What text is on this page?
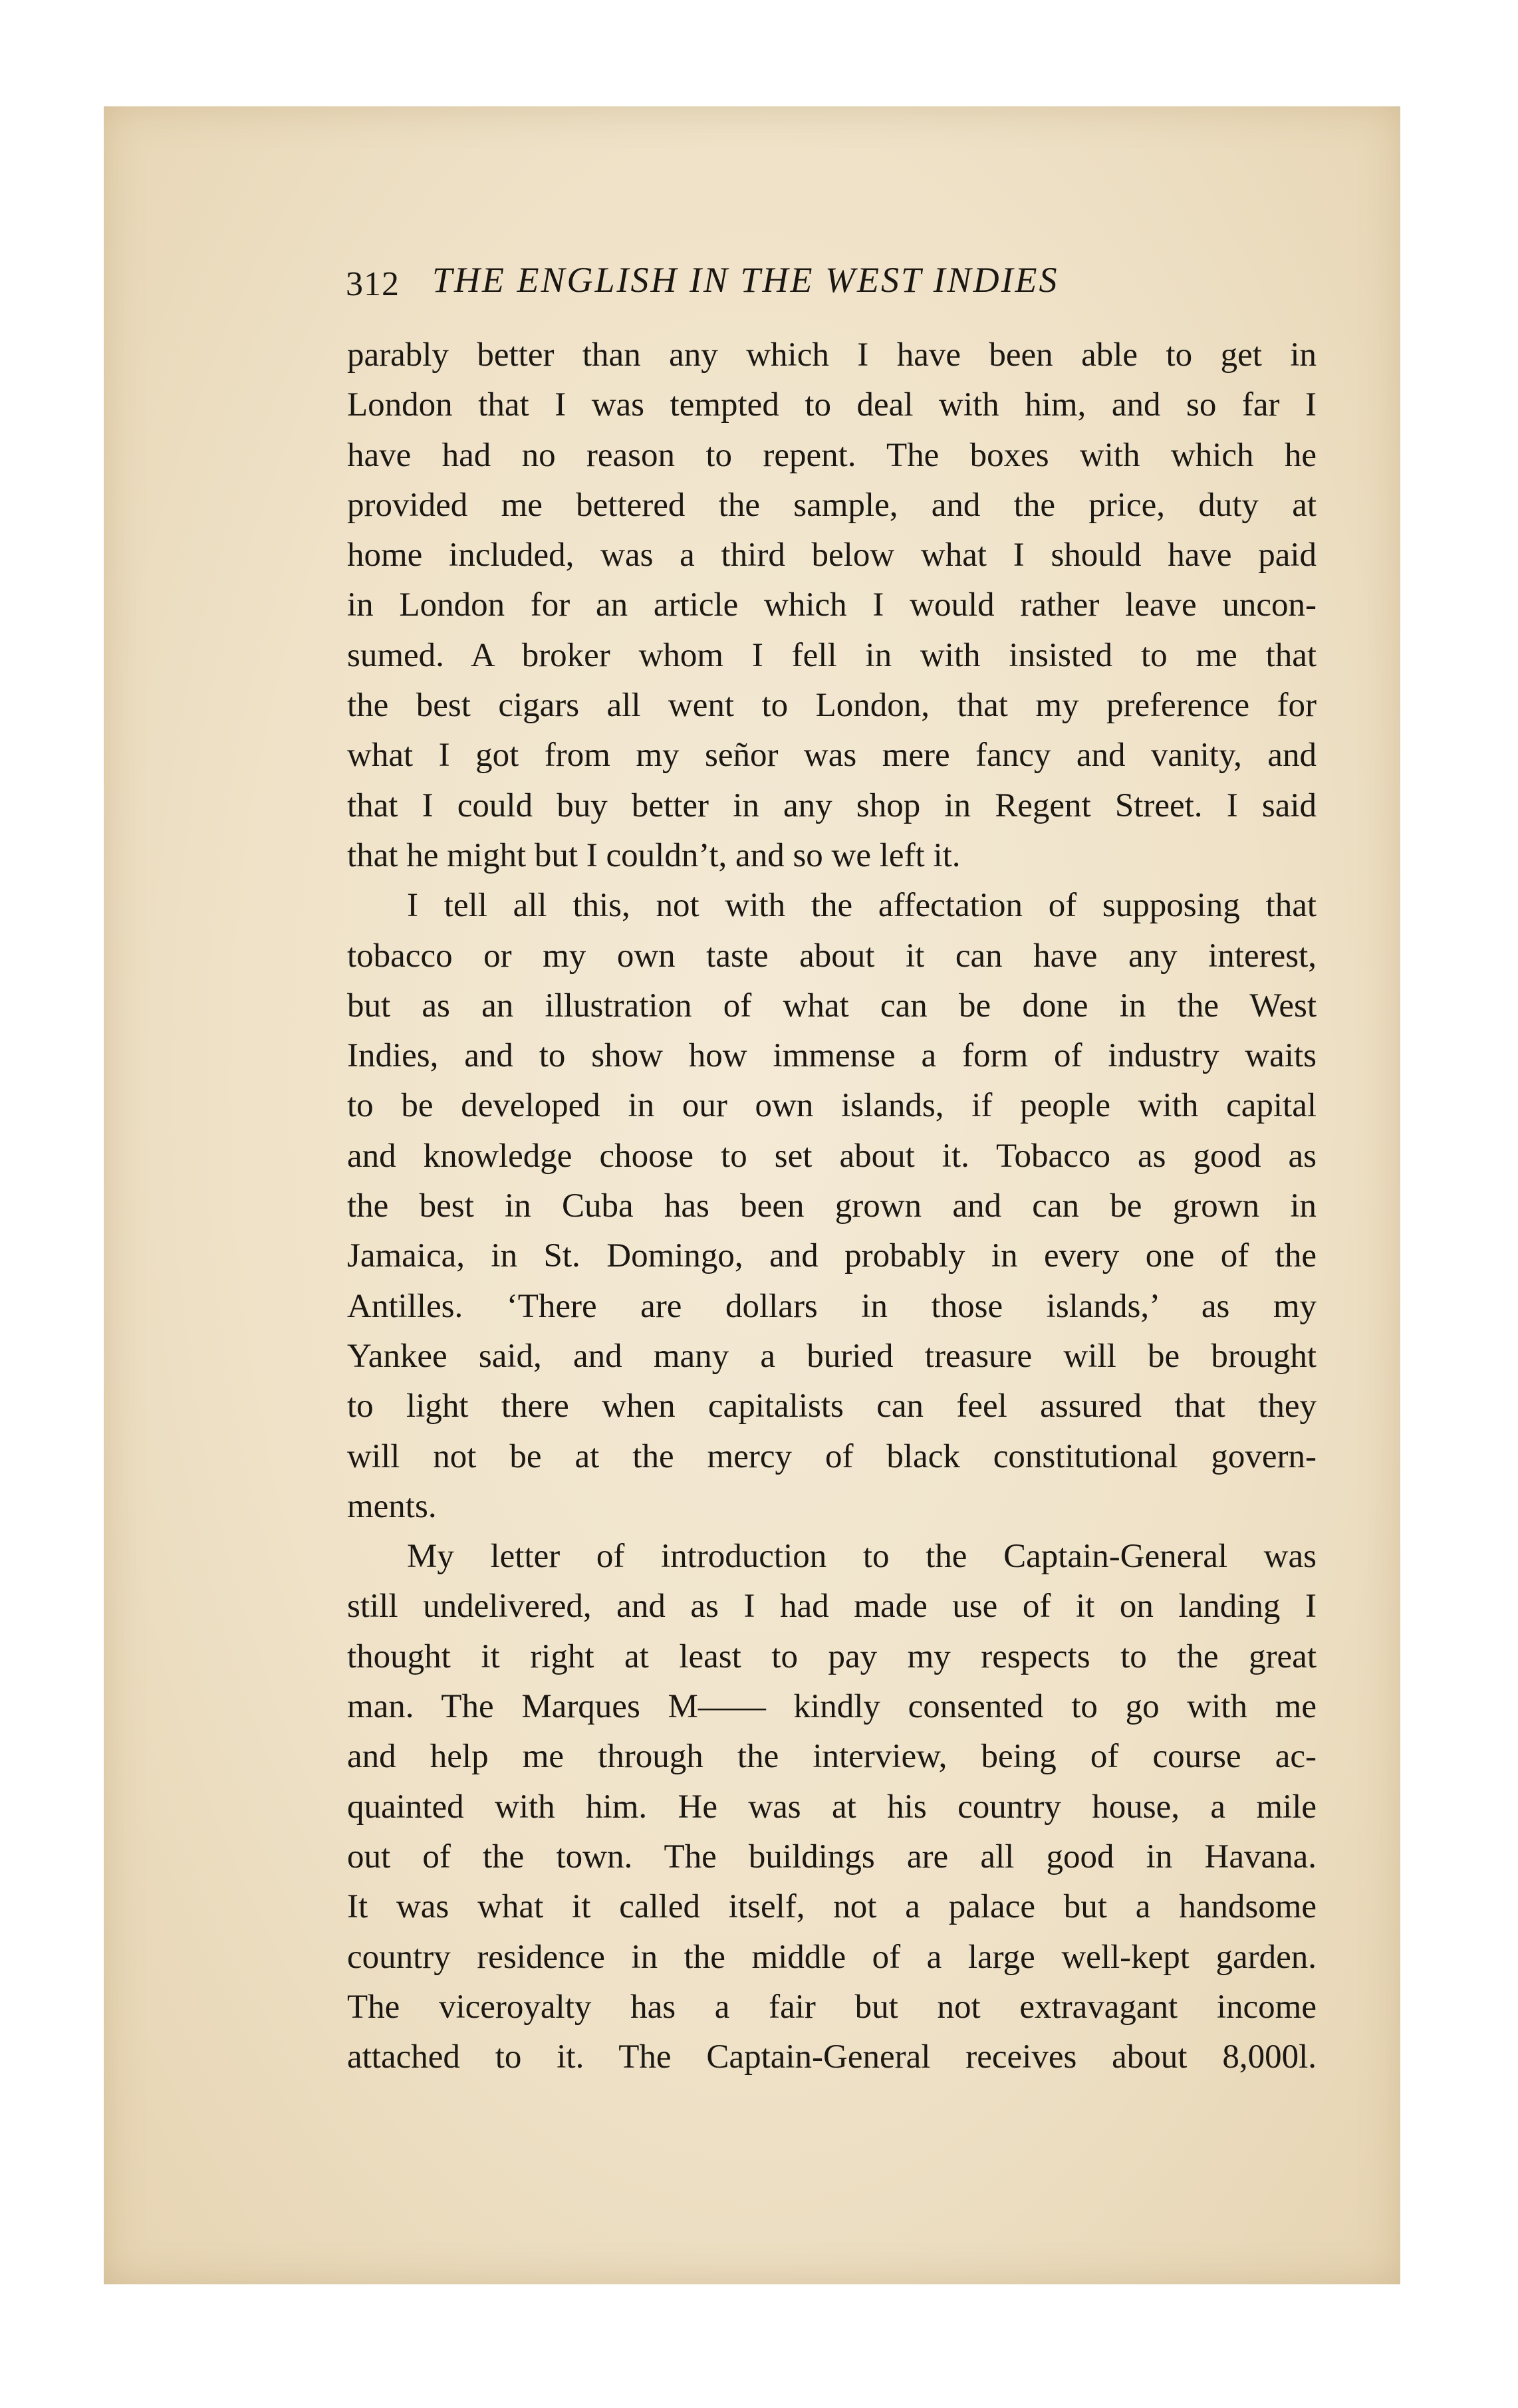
312 THE ENGLISH IN THE WEST INDIES
parably better than any which I have been able to get in
London that I was tempted to deal with him, and so far I
have had no reason to repent. The boxes with which he
provided me bettered the sample, and the price, duty at
home included, was a third below what I should have paid
in London for an article which I would rather leave uncon-
sumed. A broker whom I fell in with insisted to me that
the best cigars all went to London, that my preference for
what I got from my señor was mere fancy and vanity, and
that I could buy better in any shop in Regent Street. I said
that he might but I couldn’t, and so we left it.
I tell all this, not with the affectation of supposing that
tobacco or my own taste about it can have any interest,
but as an illustration of what can be done in the West
Indies, and to show how immense a form of industry waits
to be developed in our own islands, if people with capital
and knowledge choose to set about it. Tobacco as good as
the best in Cuba has been grown and can be grown in
Jamaica, in St. Domingo, and probably in every one of the
Antilles. ‘There are dollars in those islands,’ as my
Yankee said, and many a buried treasure will be brought
to light there when capitalists can feel assured that they
will not be at the mercy of black constitutional govern-
ments.
My letter of introduction to the Captain-General was
still undelivered, and as I had made use of it on landing I
thought it right at least to pay my respects to the great
man. The Marques M—— kindly consented to go with me
and help me through the interview, being of course ac-
quainted with him. He was at his country house, a mile
out of the town. The buildings are all good in Havana.
It was what it called itself, not a palace but a handsome
country residence in the middle of a large well-kept garden.
The viceroyalty has a fair but not extravagant income
attached to it. The Captain-General receives about 8,000l.
